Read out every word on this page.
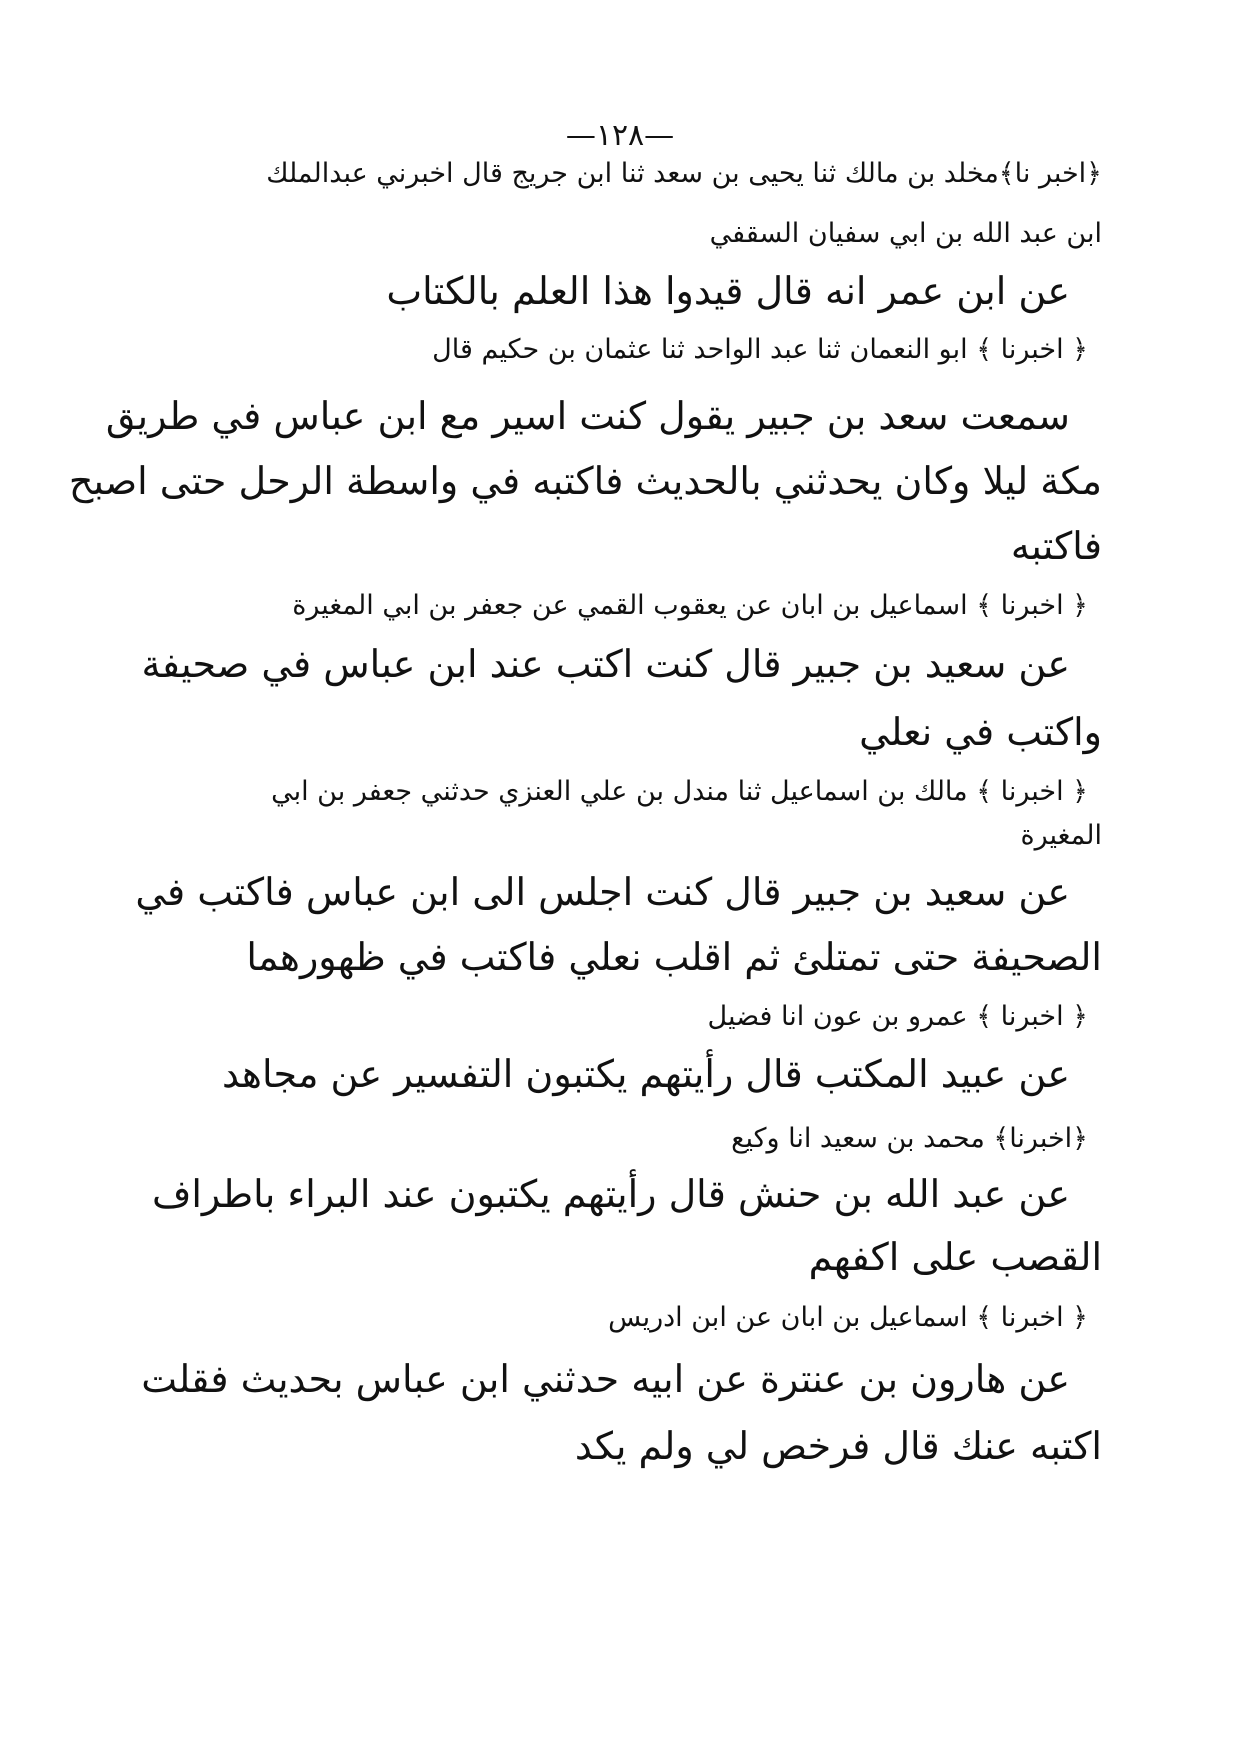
—١٢٨—
﴿اخبر نا﴾مخلد بن مالك ثنا يحيى بن سعد ثنا ابن جريج قال اخبرني عبدالملك
ابن عبد الله بن ابي سفيان السقفي
عن ابن عمر انه قال قيدوا هذا العلم بالكتاب
﴿ اخبرنا ﴾ ابو النعمان ثنا عبد الواحد ثنا عثمان بن حكيم قال
سمعت سعد بن جبير يقول كنت اسير مع ابن عباس في طريق
مكة ليلا وكان يحدثني بالحديث فاكتبه في واسطة الرحل حتى اصبح
فاكتبه
﴿ اخبرنا ﴾ اسماعيل بن ابان عن يعقوب القمي عن جعفر بن ابي المغيرة
عن سعيد بن جبير قال كنت اكتب عند ابن عباس في صحيفة
واكتب في نعلي
﴿ اخبرنا ﴾ مالك بن اسماعيل ثنا مندل بن علي العنزي حدثني جعفر بن ابي
المغيرة
عن سعيد بن جبير قال كنت اجلس الى ابن عباس فاكتب في
الصحيفة حتى تمتلئ ثم اقلب نعلي فاكتب في ظهورهما
﴿ اخبرنا ﴾ عمرو بن عون انا فضيل
عن عبيد المكتب قال رأيتهم يكتبون التفسير عن مجاهد
﴿اخبرنا﴾ محمد بن سعيد انا وكيع
عن عبد الله بن حنش قال رأيتهم يكتبون عند البراء باطراف
القصب على اكفهم
﴿ اخبرنا ﴾ اسماعيل بن ابان عن ابن ادريس
عن هارون بن عنترة عن ابيه حدثني ابن عباس بحديث فقلت
اكتبه عنك قال فرخص لي ولم يكد
